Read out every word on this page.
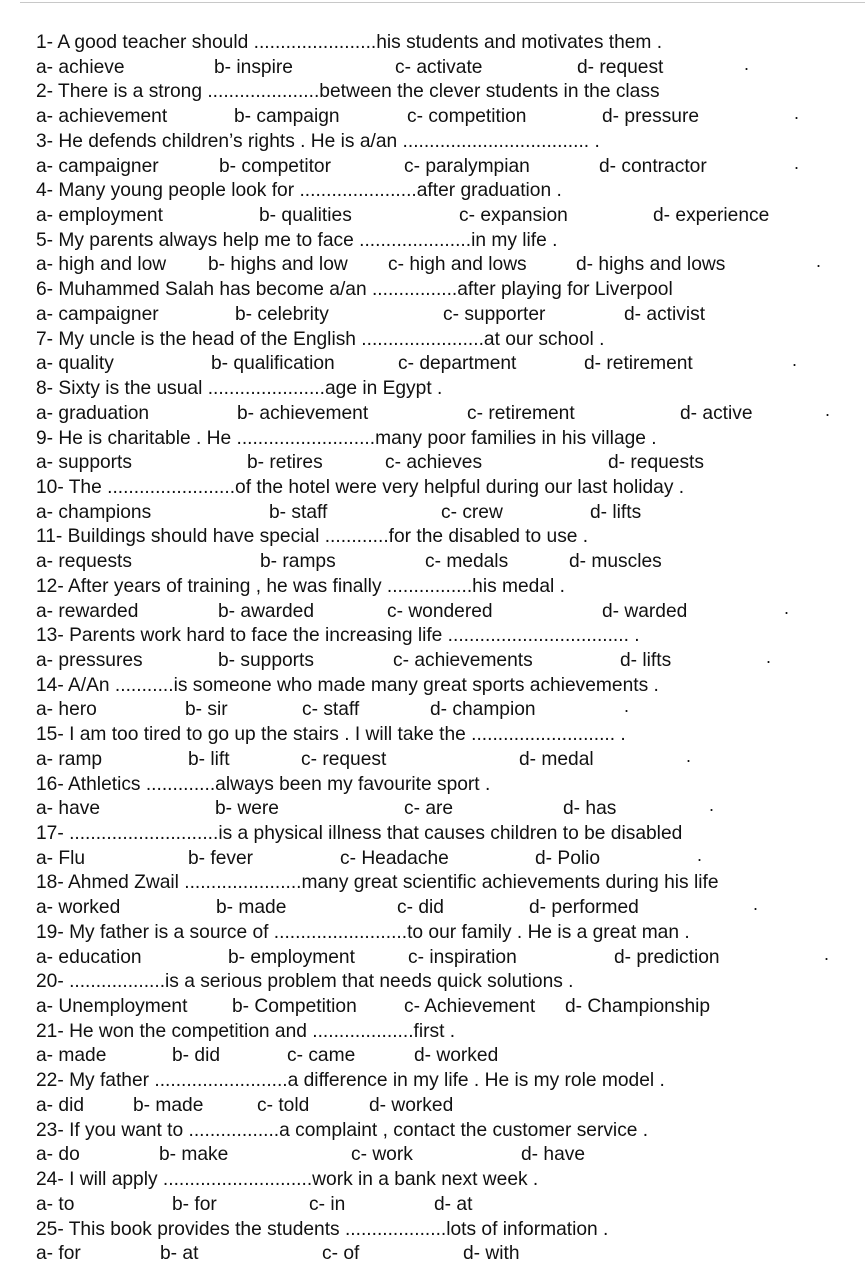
1- A good teacher should .......................his students and motivates them .
a- achieve	b- inspire	c- activate	d- request	.
2- There is a strong .....................between the clever students in the class
a- achievement	b- campaign	c- competition	d- pressure	.
3- He defends children’s rights . He is a/an ................................... .
a- campaigner	b- competitor	c- paralympian	d- contractor	.
4- Many young people look for ......................after graduation .
a- employment	b- qualities	c- expansion	d- experience
5- My parents always help me to face .....................in my life .
a- high and low b- highs and low c- high and lows	d- highs and lows	.
6- Muhammed Salah has become a/an ................after playing for Liverpool
a- campaigner	b- celebrity	c- supporter	d- activist
7- My uncle is the head of the English .......................at our school .
a- quality	b- qualification	c- department	d- retirement	.
8- Sixty is the usual ......................age in Egypt .
a- graduation	b- achievement	c- retirement	d- active	.
9- He is charitable . He ..........................many poor families in his village .
a- supports	b- retires	c- achieves	d- requests
10- The ........................of the hotel were very helpful during our last holiday .
a- champions	b- staff	c- crew	d- lifts
11- Buildings should have special ............for the disabled to use .
a- requests	b- ramps	c- medals	d- muscles
12- After years of training , he was finally ................his medal .
a- rewarded	b- awarded	c- wondered	d- warded	.
13- Parents work hard to face the increasing life .................................. .
a- pressures	b- supports	c- achievements	d- lifts	.
14- A/An ...........is someone who made many great sports achievements .
a- hero	b- sir	c- staff	d- champion	.
15- I am too tired to go up the stairs . I will take the ........................... .
a- ramp	b- lift	c- request	d- medal	.
16- Athletics .............always been my favourite sport .
a- have	b- were	c- are	d- has	.
17- ............................is a physical illness that causes children to be disabled
a- Flu	b- fever	c- Headache	d- Polio	.
18- Ahmed Zwail ......................many great scientific achievements during his life
a- worked	b- made	c- did	d- performed	.
19- My father is a source of .........................to our family . He is a great man .
a- education	b- employment	c- inspiration	d- prediction	.
20- ..................is a serious problem that needs quick solutions .
a- Unemployment b- Competition c- Achievement d- Championship
21- He won the competition and ...................first .
a- made	b- did	c- came	d- worked
22- My father .........................a difference in my life . He is my role model .
a- did	b- made	c- told	d- worked
23- If you want to .................a complaint , contact the customer service .
a- do	b- make	c- work	d- have
24- I will apply ............................work in a bank next week .
a- to	b- for	c- in	d- at
25- This book provides the students ...................lots of information .
a- for	b- at	c- of	d- with
